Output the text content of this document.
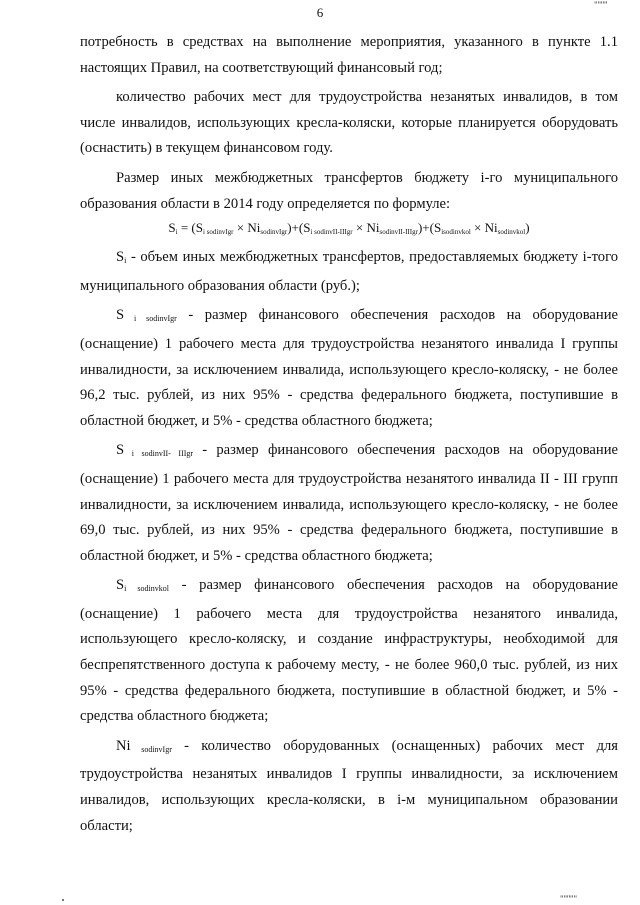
"''''''
6

потребность в средствах на выполнение мероприятия, указанного в пункте 1.1 настоящих Правил, на соответствующий финансовый год;

количество рабочих мест для трудоустройства незанятых инвалидов, в том числе инвалидов, использующих кресла-коляски, которые планируется оборудовать (оснастить) в текущем финансовом году.

Размер иных межбюджетных трансфертов бюджету i-го муниципального образования области в 2014 году определяется по формуле:

$S_i = (S_{i sodinvIgr} \times Ni_{sodinvIgr})+(S_{i sodinvII-IIIgr} \times Ni_{sodinvII-IIIgr})+(S_{isodinvkol} \times Ni_{sodinvkol})$

$S_i$ - объем иных межбюджетных трансфертов, предоставляемых бюджету i-того муниципального образования области (руб.);

S $_{i sodinvIgr}$ - размер финансового обеспечения расходов на оборудование (оснащение) 1 рабочего места для трудоустройства незанятого инвалида I группы инвалидности, за исключением инвалида, использующего кресло-коляску, - не более 96,2 тыс. рублей, из них 95% - средства федерального бюджета, поступившие в областной бюджет, и 5% - средства областного бюджета;

S $_{i sodinvII- IIIgr}$ - размер финансового обеспечения расходов на оборудование (оснащение) 1 рабочего места для трудоустройства незанятого инвалида II - III групп инвалидности, за исключением инвалида, использующего кресло-коляску, - не более 69,0 тыс. рублей, из них 95% - средства федерального бюджета, поступившие в областной бюджет, и 5% - средства областного бюджета;

$S_{i sodinvkol}$ - размер финансового обеспечения расходов на оборудование (оснащение) 1 рабочего места для трудоустройства незанятого инвалида, использующего кресло-коляску, и создание инфраструктуры, необходимой для беспрепятственного доступа к рабочему месту, - не более 960,0 тыс. рублей, из них 95% - средства федерального бюджета, поступившие в областной бюджет, и 5% - средства областного бюджета;

Ni $_{sodinvIgr}$ - количество оборудованных (оснащенных) рабочих мест для трудоустройства незанятых инвалидов I группы инвалидности, за исключением инвалидов, использующих кресла-коляски, в i-м муниципальном образовании области;

"''''''"
